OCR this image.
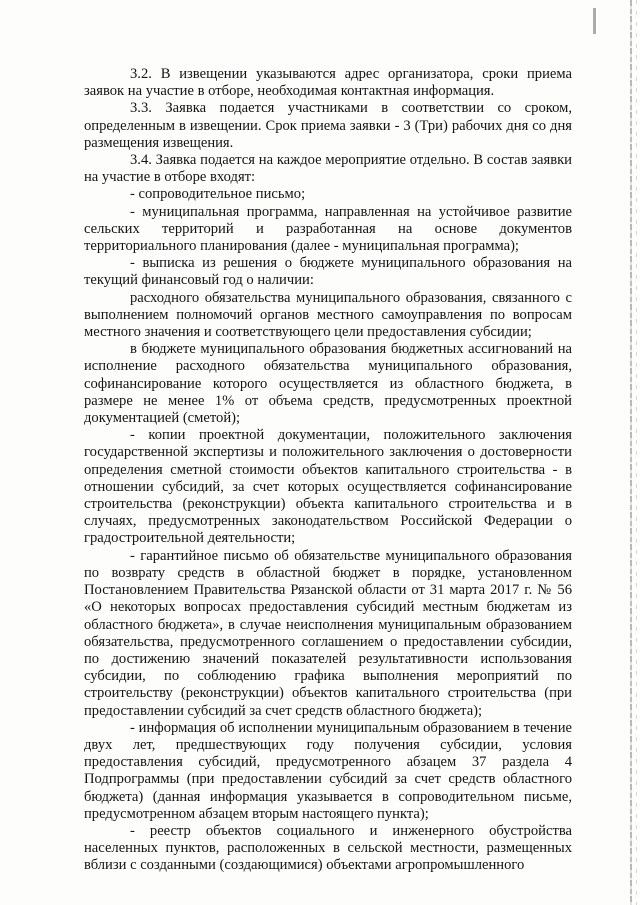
3.2. В извещении указываются адрес организатора, сроки приема заявок на участие в отборе, необходимая контактная информация.

3.3. Заявка подается участниками в соответствии со сроком, определенным в извещении. Срок приема заявки - 3 (Три) рабочих дня со дня размещения извещения.

3.4. Заявка подается на каждое мероприятие отдельно. В состав заявки на участие в отборе входят:

- сопроводительное письмо;

- муниципальная программа, направленная на устойчивое развитие сельских территорий и разработанная на основе документов территориального планирования (далее - муниципальная программа);

- выписка из решения о бюджете муниципального образования на текущий финансовый год о наличии:

расходного обязательства муниципального образования, связанного с выполнением полномочий органов местного самоуправления по вопросам местного значения и соответствующего цели предоставления субсидии;

в бюджете муниципального образования бюджетных ассигнований на исполнение расходного обязательства муниципального образования, софинансирование которого осуществляется из областного бюджета, в размере не менее 1% от объема средств, предусмотренных проектной документацией (сметой);

- копии проектной документации, положительного заключения государственной экспертизы и положительного заключения о достоверности определения сметной стоимости объектов капитального строительства - в отношении субсидий, за счет которых осуществляется софинансирование строительства (реконструкции) объекта капитального строительства и в случаях, предусмотренных законодательством Российской Федерации о градостроительной деятельности;

- гарантийное письмо об обязательстве муниципального образования по возврату средств в областной бюджет в порядке, установленном Постановлением Правительства Рязанской области от 31 марта 2017 г. № 56 «О некоторых вопросах предоставления субсидий местным бюджетам из областного бюджета», в случае неисполнения муниципальным образованием обязательства, предусмотренного соглашением о предоставлении субсидии, по достижению значений показателей результативности использования субсидии, по соблюдению графика выполнения мероприятий по строительству (реконструкции) объектов капитального строительства (при предоставлении субсидий за счет средств областного бюджета);

- информация об исполнении муниципальным образованием в течение двух лет, предшествующих году получения субсидии, условия предоставления субсидий, предусмотренного абзацем 37 раздела 4 Подпрограммы (при предоставлении субсидий за счет средств областного бюджета) (данная информация указывается в сопроводительном письме, предусмотренном абзацем вторым настоящего пункта);

- реестр объектов социального и инженерного обустройства населенных пунктов, расположенных в сельской местности, размещенных вблизи с созданными (создающимися) объектами агропромышленного
